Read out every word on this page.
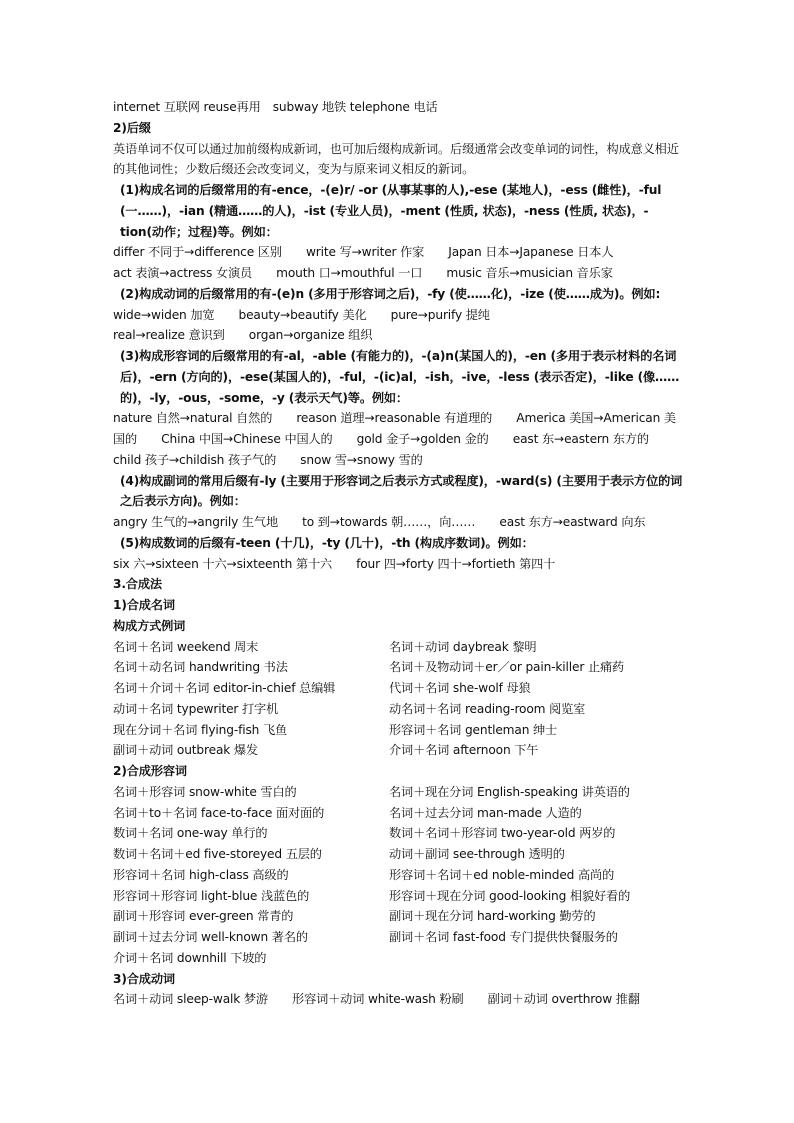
internet 互联网 reuse再用　subway 地铁 telephone 电话
2)后缀
英语单词不仅可以通过加前缀构成新词，也可加后缀构成新词。后缀通常会改变单词的词性，构成意义相近的其他词性；少数后缀还会改变词义，变为与原来词义相反的新词。
(1)构成名词的后缀常用的有-ence，-(e)r/ -or (从事某事的人),-ese (某地人)，-ess (雌性)，-ful (一……)，-ian (精通……的人)，-ist (专业人员)，-ment (性质, 状态)，-ness (性质, 状态)，-tion(动作；过程)等。例如：
differ 不同于→difference 区别　　write 写→writer 作家　　Japan 日本→Japanese 日本人
act 表演→actress 女演员　　mouth 口→mouthful 一口　　music 音乐→musician 音乐家
(2)构成动词的后缀常用的有-(e)n (多用于形容词之后)，-fy (使……化)，-ize (使……成为)。例如:
wide→widen 加宽　　beauty→beautify 美化　　pure→purify 提纯
real→realize 意识到　　organ→organize 组织
(3)构成形容词的后缀常用的有-al，-able (有能力的)，-(a)n(某国人的)，-en (多用于表示材料的名词后)，-ern (方向的)，-ese(某国人的)，-ful，-(ic)al，-ish，-ive，-less (表示否定)，-like (像……的)，-ly，-ous，-some，-y (表示天气)等。例如：
nature 自然→natural 自然的　　reason 道理→reasonable 有道理的　　America 美国→American 美国的　　China 中国→Chinese 中国人的　　gold 金子→golden 金的　　east 东→eastern 东方的　　child 孩子→childish 孩子气的　　snow 雪→snowy 雪的
(4)构成副词的常用后缀有-ly (主要用于形容词之后表示方式或程度)，-ward(s) (主要用于表示方位的词之后表示方向)。例如：
angry 生气的→angrily 生气地　　to 到→towards 朝……，向……　　east 东方→eastward 向东
(5)构成数词的后缀有-teen (十几)，-ty (几十)，-th (构成序数词)。例如：
six 六→sixteen 十六→sixteenth 第十六　　four 四→forty 四十→fortieth 第四十
3.合成法
1)合成名词
构成方式例词
名词＋名词 weekend 周末	名词＋动词 daybreak 黎明
名词＋动名词 handwriting 书法	名词＋及物动词＋er／or pain-killer 止痛药
名词＋介词＋名词 editor-in-chief 总编辑	代词＋名词 she-wolf 母狼
动词＋名词 typewriter 打字机	动名词＋名词 reading-room 阅览室
现在分词＋名词 flying-fish 飞鱼	形容词＋名词 gentleman 绅士
副词＋动词 outbreak 爆发	介词＋名词 afternoon 下午
2)合成形容词
名词＋形容词 snow-white 雪白的	名词＋现在分词 English-speaking 讲英语的
名词＋to＋名词 face-to-face 面对面的	名词＋过去分词 man-made 人造的
数词＋名词 one-way 单行的	数词＋名词＋形容词 two-year-old 两岁的
数词＋名词＋ed five-storeyed 五层的	动词＋副词 see-through 透明的
形容词＋名词 high-class 高级的	形容词＋名词＋ed noble-minded 高尚的
形容词＋形容词 light-blue 浅蓝色的	形容词＋现在分词 good-looking 相貌好看的
副词＋形容词 ever-green 常青的	副词＋现在分词 hard-working 勤劳的
副词＋过去分词 well-known 著名的	副词＋名词 fast-food 专门提供快餐服务的
介词＋名词 downhill 下坡的
3)合成动词
名词＋动词 sleep-walk 梦游　　形容词＋动词 white-wash 粉刷　　副词＋动词 overthrow 推翻
